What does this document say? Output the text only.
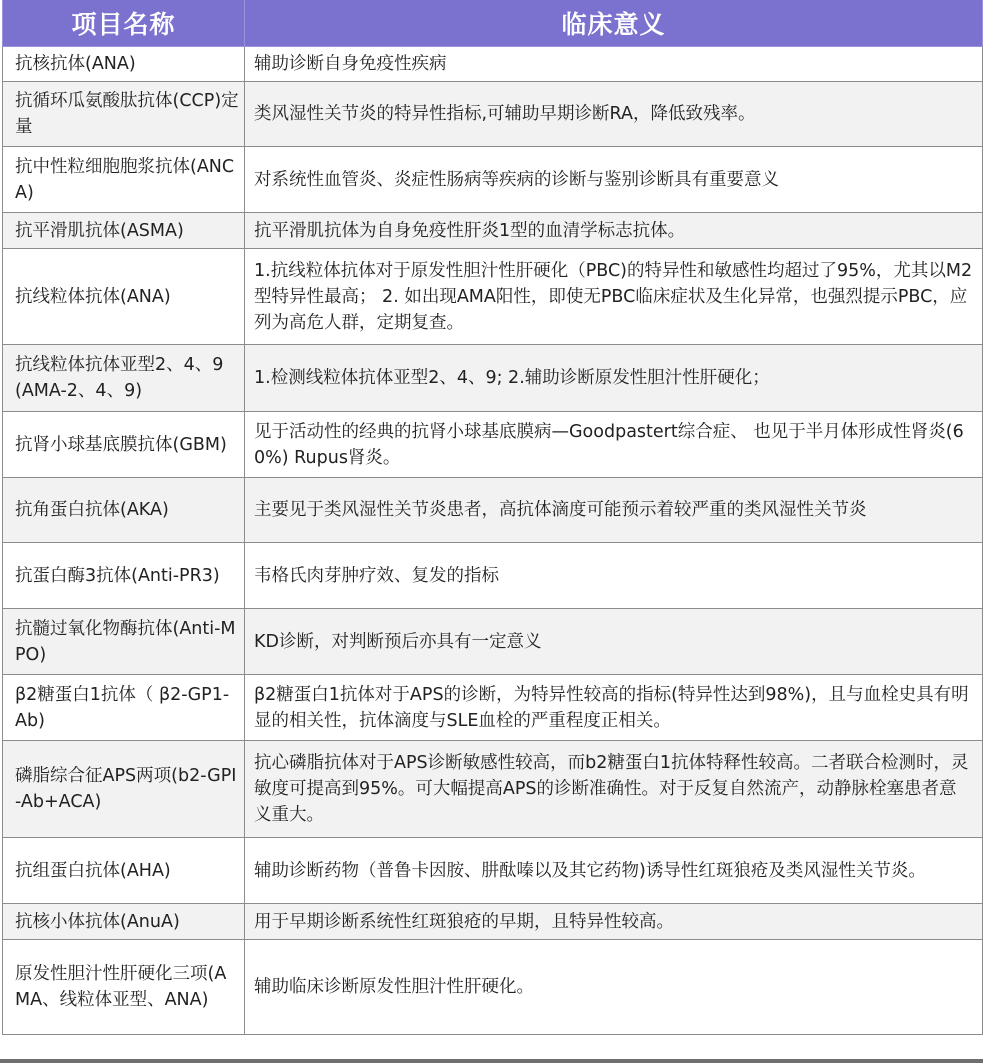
项目名称	临床意义
抗核抗体(ANA)	辅助诊断自身免疫性疾病
抗循环瓜氨酸肽抗体(CCP)定量	类风湿性关节炎的特异性指标,可辅助早期诊断RA，降低致残率。
抗中性粒细胞胞浆抗体(ANCA)	对系统性血管炎、炎症性肠病等疾病的诊断与鉴别诊断具有重要意义
抗平滑肌抗体(ASMA)	抗平滑肌抗体为自身免疫性肝炎1型的血清学标志抗体。
抗线粒体抗体(ANA)	1.抗线粒体抗体对于原发性胆汁性肝硬化（PBC)的特异性和敏感性均超过了95%，尤其以M2型特异性最高； 2. 如出现AMA阳性，即使无PBC临床症状及生化异常，也强烈提示PBC，应列为高危人群，定期复查。
抗线粒体抗体亚型2、4、9 (AMA-2、4、9)	1.检测线粒体抗体亚型2、4、9; 2.辅助诊断原发性胆汁性肝硬化；
抗肾小球基底膜抗体(GBM)	见于活动性的经典的抗肾小球基底膜病—Goodpastert综合症、 也见于半月体形成性肾炎(60%) Rupus肾炎。
抗角蛋白抗体(AKA)	主要见于类风湿性关节炎患者，高抗体滴度可能预示着较严重的类风湿性关节炎
抗蛋白酶3抗体(Anti-PR3)	韦格氏肉芽肿疗效、复发的指标
抗髓过氧化物酶抗体(Anti-MPO)	KD诊断，对判断预后亦具有一定意义
β2糖蛋白1抗体（ β2-GP1-Ab)	β2糖蛋白1抗体对于APS的诊断，为特异性较高的指标(特异性达到98%)，且与血栓史具有明显的相关性，抗体滴度与SLE血栓的严重程度正相关。
磷脂综合征APS两项(b2-GPI-Ab+ACA)	抗心磷脂抗体对于APS诊断敏感性较高，而b2糖蛋白1抗体特释性较高。二者联合检测时，灵敏度可提高到95%。可大幅提高APS的诊断准确性。对于反复自然流产，动静脉栓塞患者意义重大。
抗组蛋白抗体(AHA)	辅助诊断药物（普鲁卡因胺、肼酞嗪以及其它药物)诱导性红斑狼疮及类风湿性关节炎。
抗核小体抗体(AnuA)	用于早期诊断系统性红斑狼疮的早期，且特异性较高。
原发性胆汁性肝硬化三项(AMA、线粒体亚型、ANA)	辅助临床诊断原发性胆汁性肝硬化。
